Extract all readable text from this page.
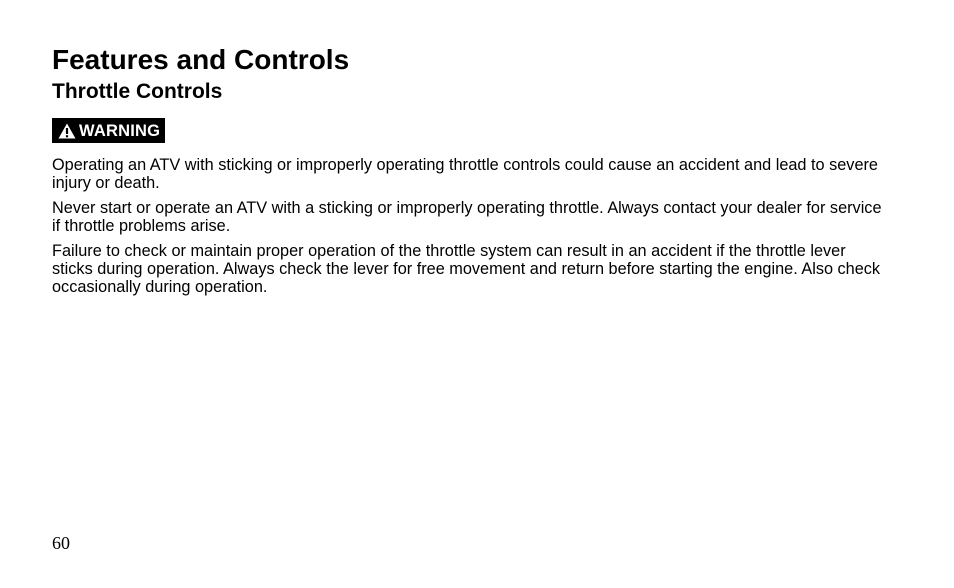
Features and Controls
Throttle Controls
WARNING

Operating an ATV with sticking or improperly operating throttle controls could cause an accident and lead to severe injury or death.

Never start or operate an ATV with a sticking or improperly operating throttle. Always contact your dealer for service if throttle problems arise.

Failure to check or maintain proper operation of the throttle system can result in an accident if the throttle lever sticks during operation. Always check the lever for free movement and return before starting the engine. Also check occasionally during operation.

60
